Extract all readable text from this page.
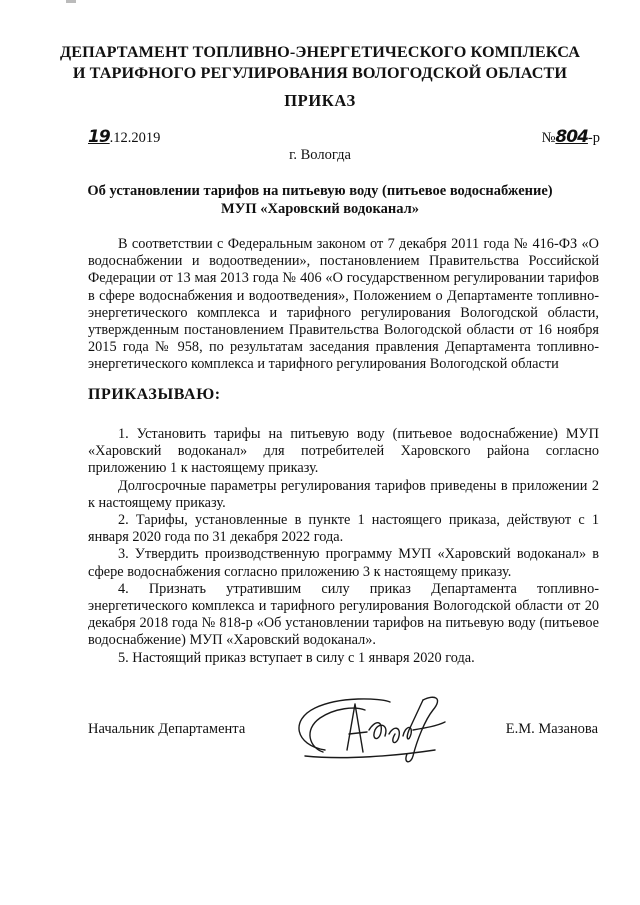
ДЕПАРТАМЕНТ ТОПЛИВНО-ЭНЕРГЕТИЧЕСКОГО КОМПЛЕКСА
И ТАРИФНОГО РЕГУЛИРОВАНИЯ ВОЛОГОДСКОЙ ОБЛАСТИ
ПРИКАЗ
19.12.2019	№804-р
г. Вологда
Об установлении тарифов на питьевую воду (питьевое водоснабжение)
МУП «Харовский водоканал»

В соответствии с Федеральным законом от 7 декабря 2011 года № 416-ФЗ «О водоснабжении и водоотведении», постановлением Правительства Российской Федерации от 13 мая 2013 года № 406 «О государственном регулировании тарифов в сфере водоснабжения и водоотведения», Положением о Департаменте топливно-энергетического комплекса и тарифного регулирования Вологодской области, утвержденным постановлением Правительства Вологодской области от 16 ноября 2015 года № 958, по результатам заседания правления Департамента топливно-энергетического комплекса и тарифного регулирования Вологодской области

ПРИКАЗЫВАЮ:

1. Установить тарифы на питьевую воду (питьевое водоснабжение) МУП «Харовский водоканал» для потребителей Харовского района согласно приложению 1 к настоящему приказу.

Долгосрочные параметры регулирования тарифов приведены в приложении 2 к настоящему приказу.

2. Тарифы, установленные в пункте 1 настоящего приказа, действуют с 1 января 2020 года по 31 декабря 2022 года.

3. Утвердить производственную программу МУП «Харовский водоканал» в сфере водоснабжения согласно приложению 3 к настоящему приказу.

4. Признать утратившим силу приказ Департамента топливно-энергетического комплекса и тарифного регулирования Вологодской области от 20 декабря 2018 года № 818-р «Об установлении тарифов на питьевую воду (питьевое водоснабжение) МУП «Харовский водоканал».

5. Настоящий приказ вступает в силу с 1 января 2020 года.

Начальник Департамента	Е.М. Мазанова
